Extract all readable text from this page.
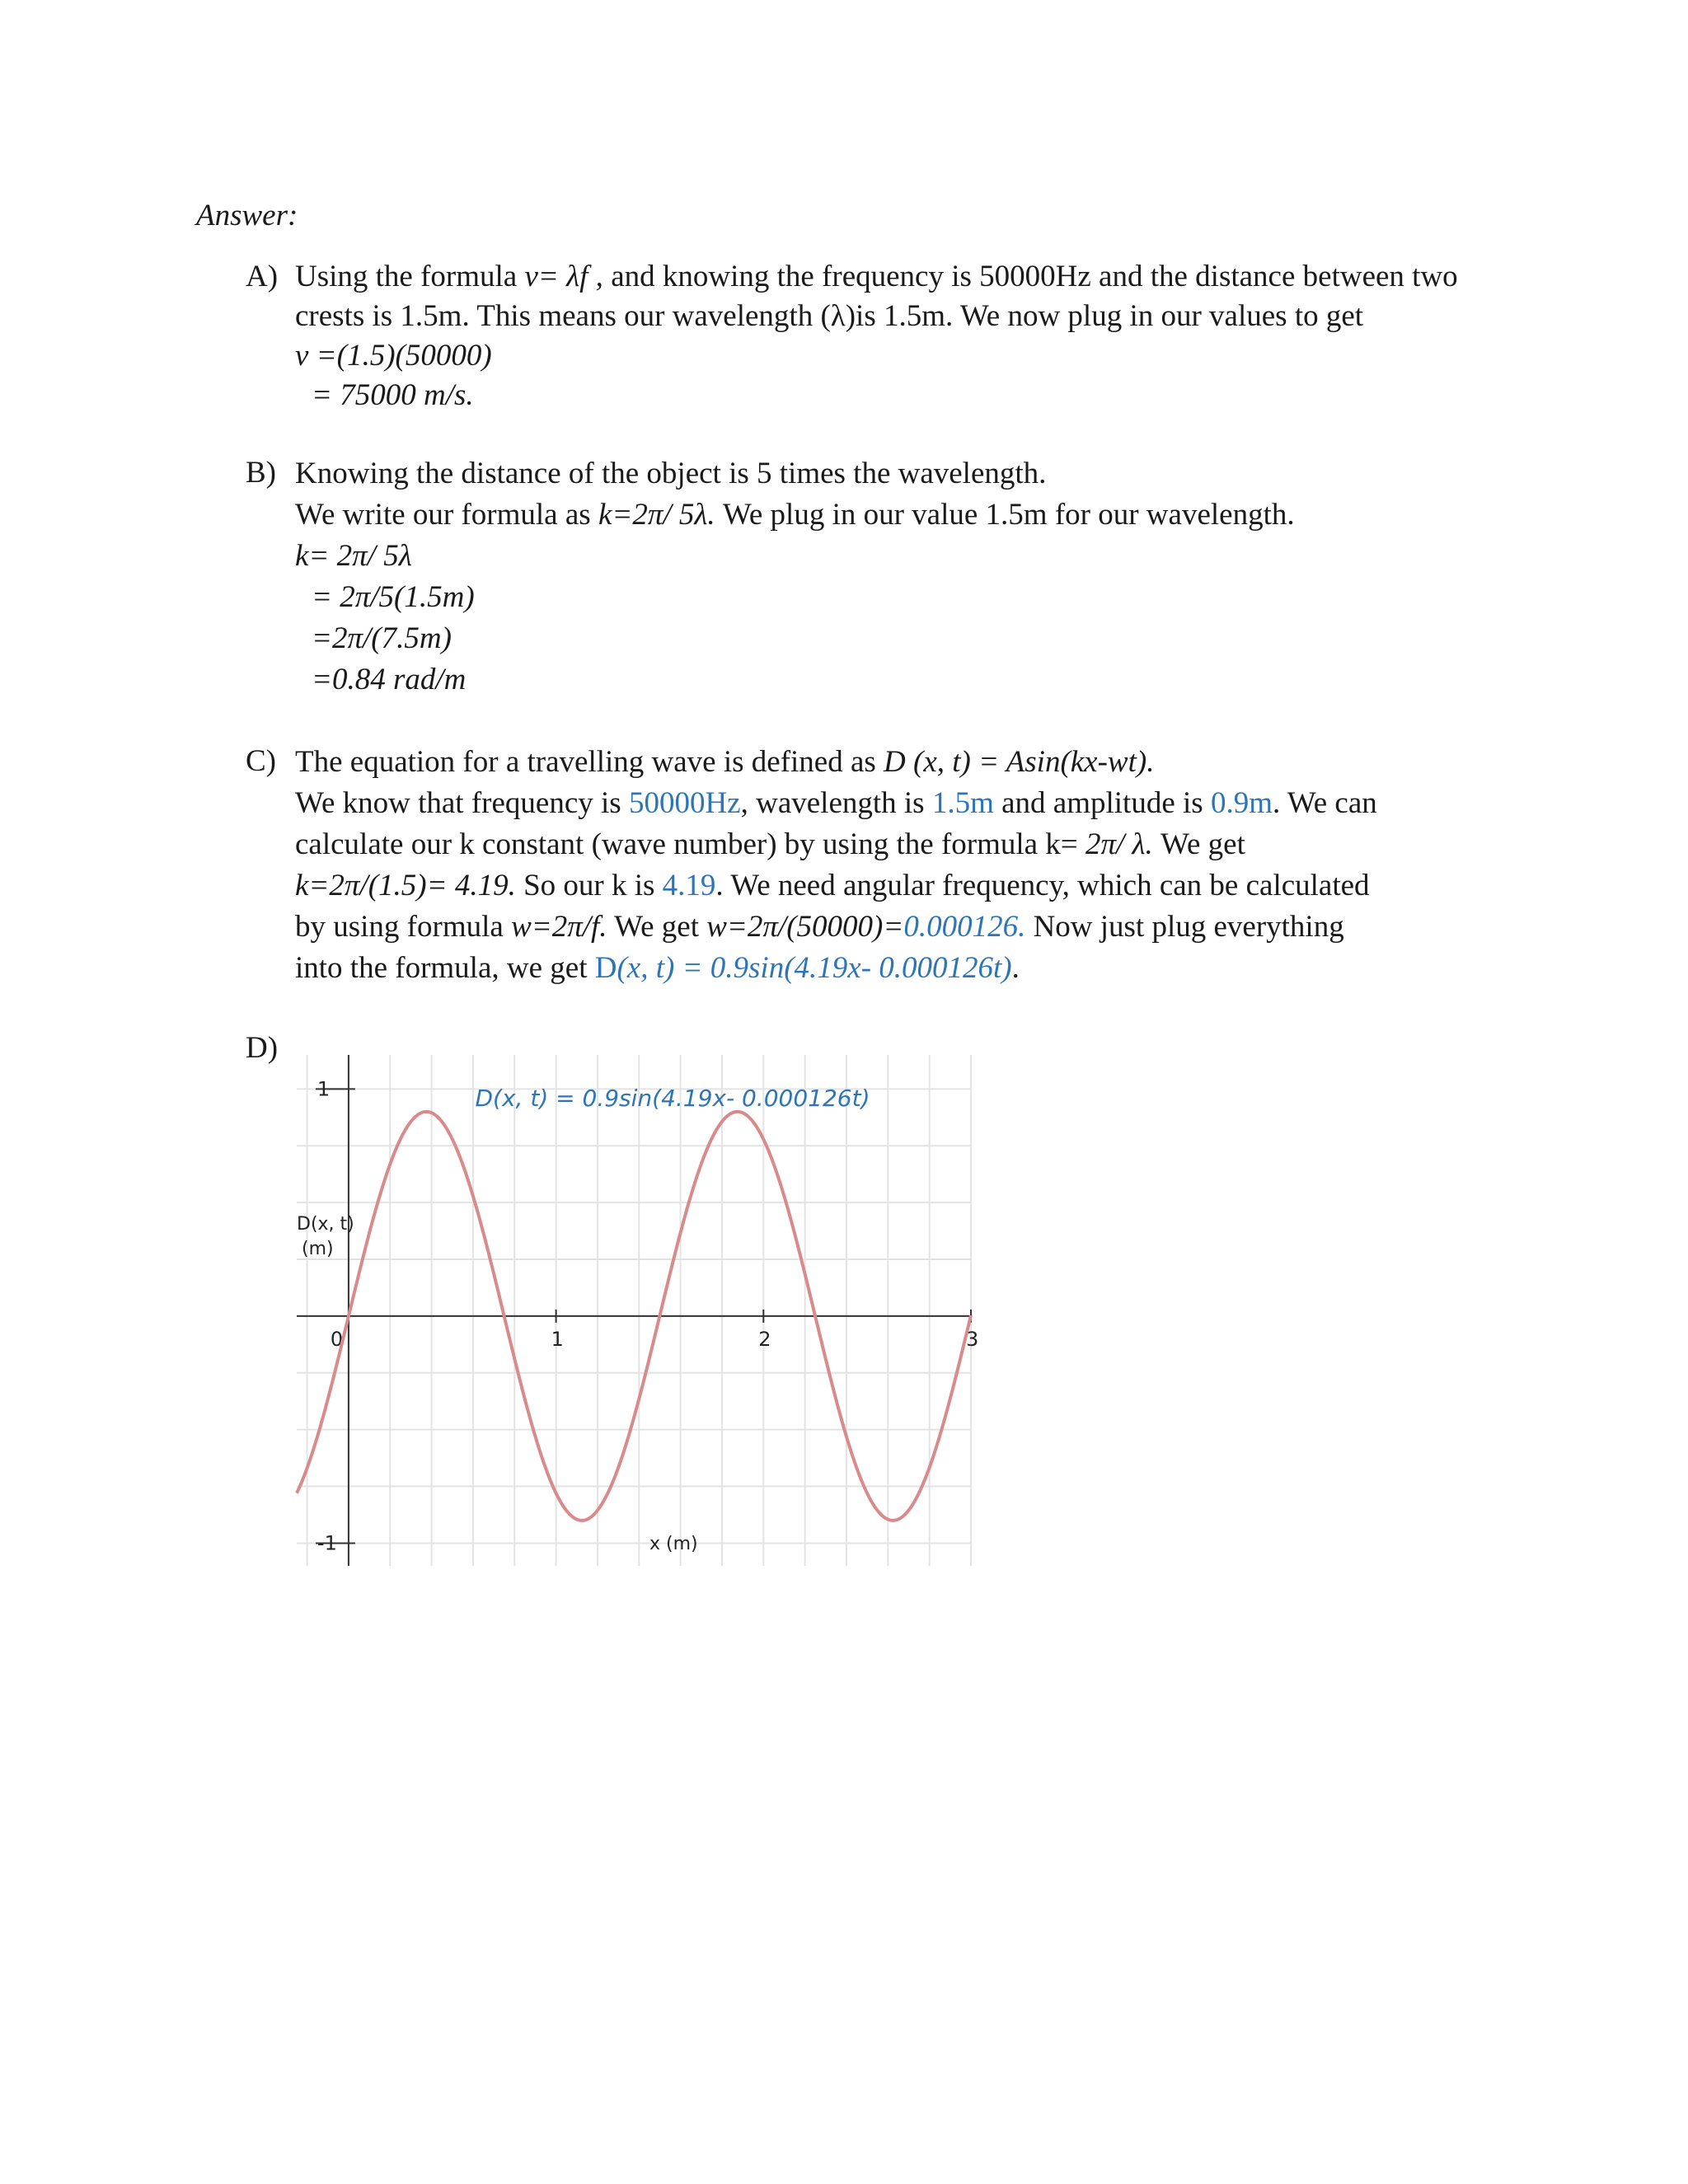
Answer:
A) Using the formula v= λf , and knowing the frequency is 50000Hz and the distance between two
crests is 1.5m. This means our wavelength (λ)is 1.5m. We now plug in our values to get
v =(1.5)(50000)
= 75000 m/s.
B) Knowing the distance of the object is 5 times the wavelength.
We write our formula as k=2π/ 5λ. We plug in our value 1.5m for our wavelength.
k= 2π/ 5λ
= 2π/5(1.5m)
=2π/(7.5m)
=0.84 rad/m
C) The equation for a travelling wave is defined as D (x, t) = Asin(kx-wt).
We know that frequency is 50000Hz, wavelength is 1.5m and amplitude is 0.9m. We can
calculate our k constant (wave number) by using the formula k= 2π/ λ. We get
k=2π/(1.5)= 4.19. So our k is 4.19. We need angular frequency, which can be calculated
by using formula w=2π/f. We get w=2π/(50000)=0.000126. Now just plug everything
into the formula, we get D(x, t) = 0.9sin(4.19x- 0.000126t).
D)
0	1	2	3
-1
1	D(x, t) = 0.9sin(4.19x- 0.000126t)
D(x, t)
(m)
x (m)
